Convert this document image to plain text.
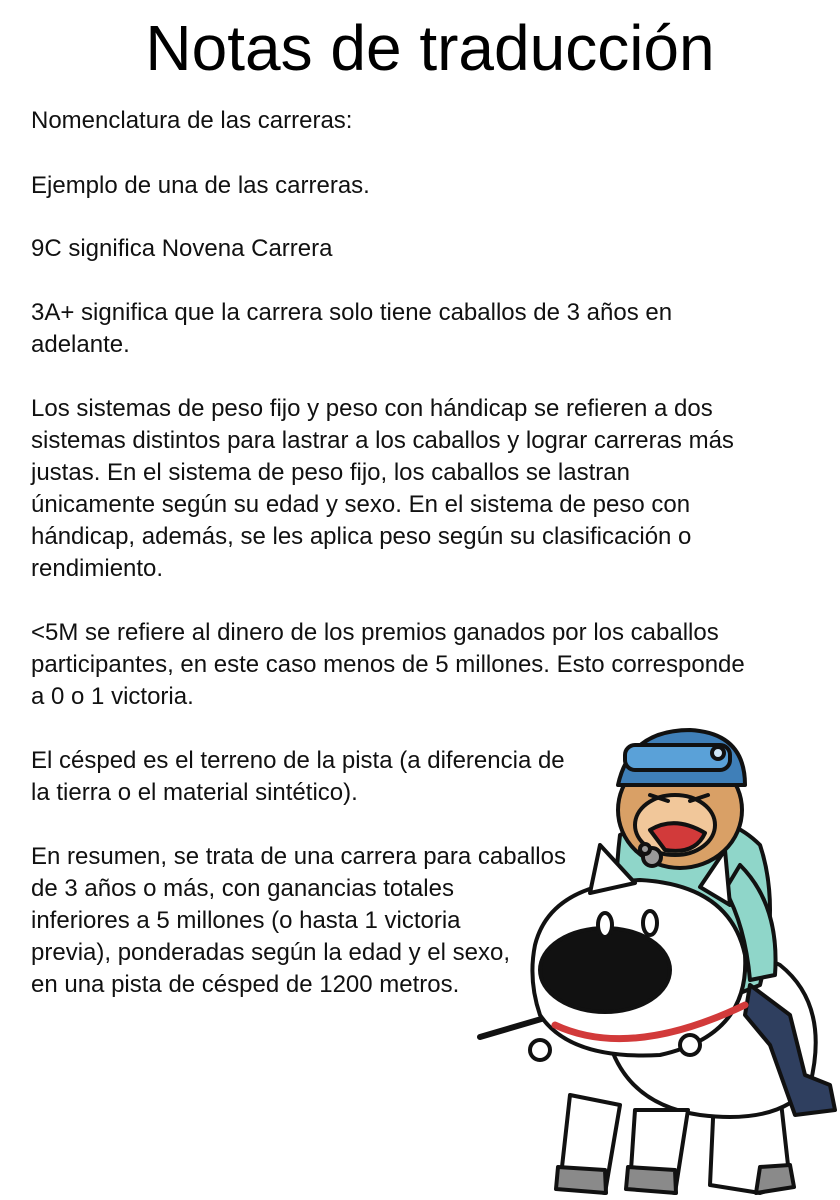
Notas de traducción

Nomenclatura de las carreras:

Ejemplo de una de las carreras.

9C significa Novena Carrera

3A+ significa que la carrera solo tiene caballos de 3 años en

adelante.

Los sistemas de peso fijo y peso con hándicap se refieren a dos

sistemas distintos para lastrar a los caballos y lograr carreras más

justas. En el sistema de peso fijo, los caballos se lastran

únicamente según su edad y sexo. En el sistema de peso con

hándicap, además, se les aplica peso según su clasificación o

rendimiento.

<5M se refiere al dinero de los premios ganados por los caballos

participantes, en este caso menos de 5 millones. Esto corresponde

a 0 o 1 victoria.

El césped es el terreno de la pista (a diferencia de

la tierra o el material sintético).

En resumen, se trata de una carrera para caballos

de 3 años o más, con ganancias totales

inferiores a 5 millones (o hasta 1 victoria

previa), ponderadas según la edad y el sexo,

en una pista de césped de 1200 metros.
